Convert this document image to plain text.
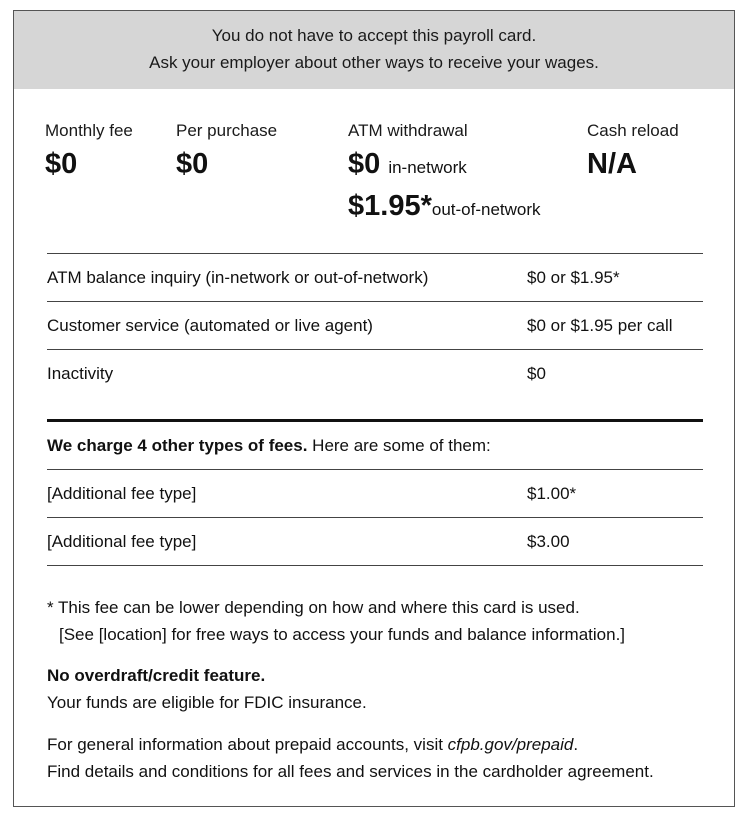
You do not have to accept this payroll card.
Ask your employer about other ways to receive your wages.
Monthly fee
$0
Per purchase
$0
ATM withdrawal
$0 in-network
$1.95*out-of-network
Cash reload
N/A
ATM balance inquiry (in-network or out-of-network)	$0 or $1.95*
Customer service (automated or live agent)	$0 or $1.95 per call
Inactivity	$0
We charge 4 other types of fees. Here are some of them:
[Additional fee type]	$1.00*
[Additional fee type]	$3.00
* This fee can be lower depending on how and where this card is used.
[See [location] for free ways to access your funds and balance information.]
No overdraft/credit feature.
Your funds are eligible for FDIC insurance.
For general information about prepaid accounts, visit cfpb.gov/prepaid.
Find details and conditions for all fees and services in the cardholder agreement.
